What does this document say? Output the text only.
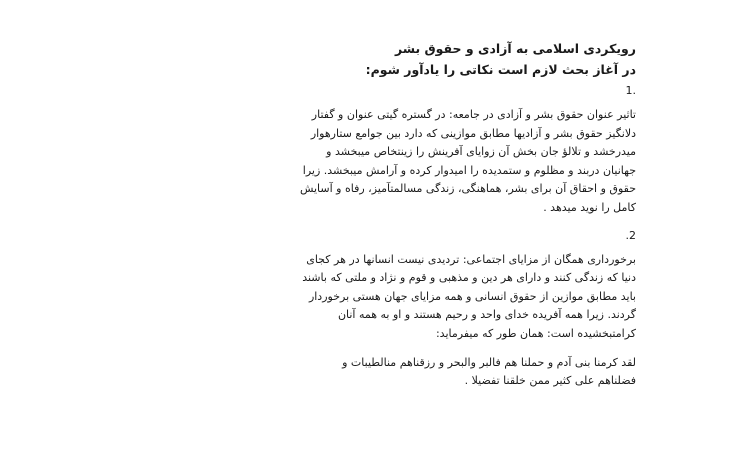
رویکردی اسلامی به آزادی و حقوق بشر

در آغاز بحث لازم است نکاتی را یادآور شوم:

1.

تاثیر عنوان حقوق بشر و آزادی در جامعه: در گستره گیتی عنوان و گفتار
دلانگیز حقوق بشر و آزادیها مطابق موازینی که دارد بین جوامع ستارهوار
میدرخشد و تلالؤ جان بخش آن زوایای آفرینش را زینتخاص میبخشد و
جهانیان دربند و مظلوم و ستمدیده را امیدوار کرده و آرامش میبخشد. زیرا
حقوق و احقاق آن برای بشر، هماهنگی، زندگی مسالمتآمیز، رفاه و آسایش
کامل را نوید میدهد .

.2

برخورداری همگان از مزایای اجتماعی: تردیدی نیست انسانها در هر کجای
دنیا که زندگی کنند و دارای هر دین و مذهبی و قوم و نژاد و ملتی که باشند
باید مطابق موازین از حقوق انسانی و همه مزایای جهان هستی برخوردار
گردند. زیرا همه آفریده خدای واحد و رحیم هستند و او به همه آنان
کرامتبخشیده است: همان طور که میفرماید:
لقد کرمنا بنی آدم و حملنا هم فالبر والبحر و رزقناهم منالطیبات و
فضلناهم علی کثیر ممن خلقنا تفضیلا .
